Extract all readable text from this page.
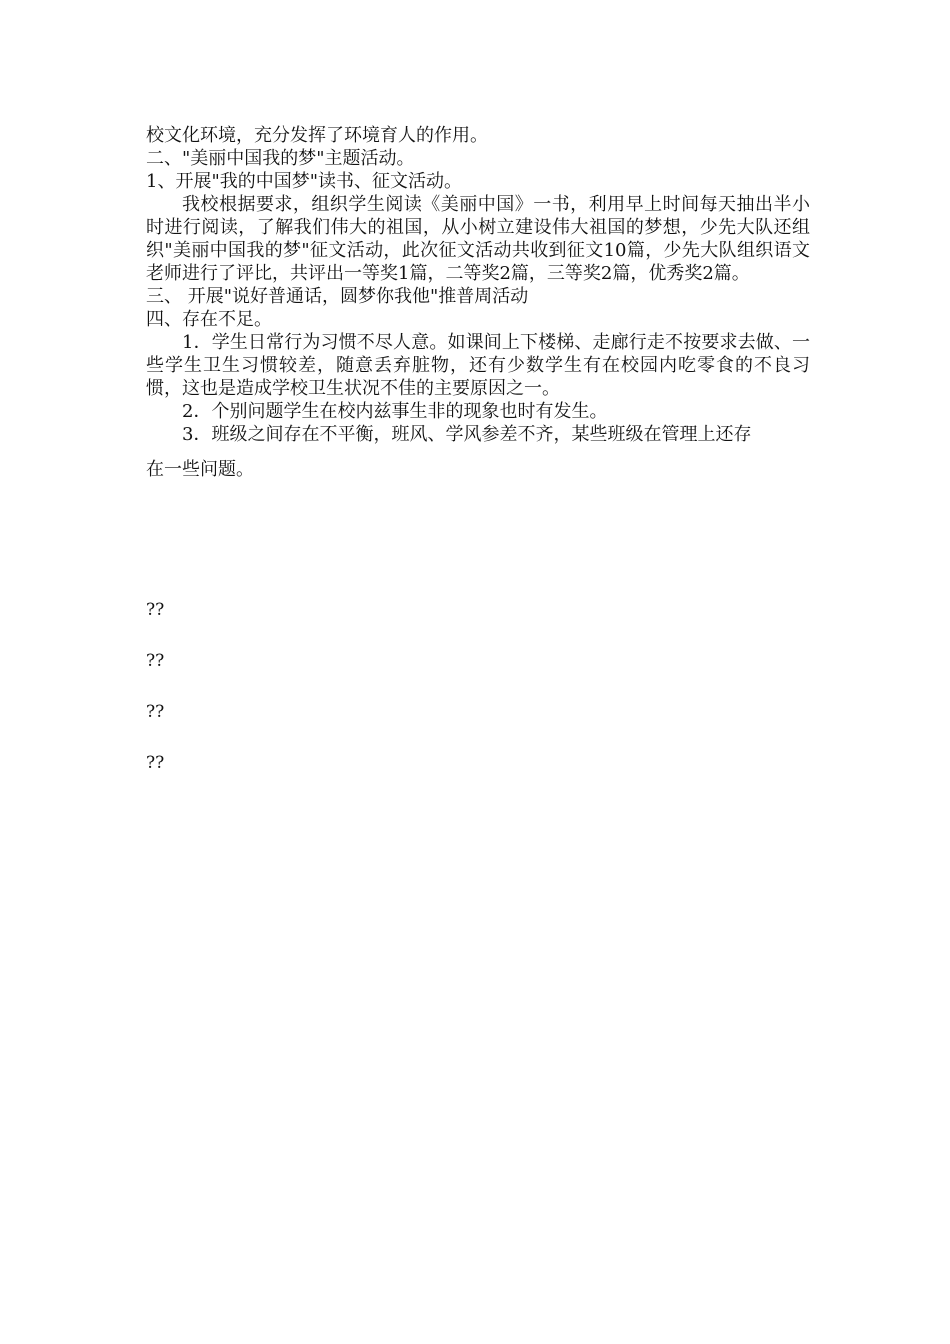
校文化环境，充分发挥了环境育人的作用。
二、"美丽中国我的梦"主题活动。
1、开展"我的中国梦"读书、征文活动。
我校根据要求，组织学生阅读《美丽中国》一书，利用早上时间每天抽出半小时进行阅读，了解我们伟大的祖国，从小树立建设伟大祖国的梦想，少先大队还组织"美丽中国我的梦"征文活动，此次征文活动共收到征文10篇，少先大队组织语文老师进行了评比，共评出一等奖1篇，二等奖2篇，三等奖2篇，优秀奖2篇。
三、 开展"说好普通话，圆梦你我他"推普周活动
四、存在不足。
1．学生日常行为习惯不尽人意。如课间上下楼梯、走廊行走不按要求去做、一些学生卫生习惯较差，随意丢弃脏物，还有少数学生有在校园内吃零食的不良习惯，这也是造成学校卫生状况不佳的主要原因之一。
2．个别问题学生在校内兹事生非的现象也时有发生。
3．班级之间存在不平衡，班风、学风参差不齐，某些班级在管理上还存
在一些问题。
??
??
??
??
